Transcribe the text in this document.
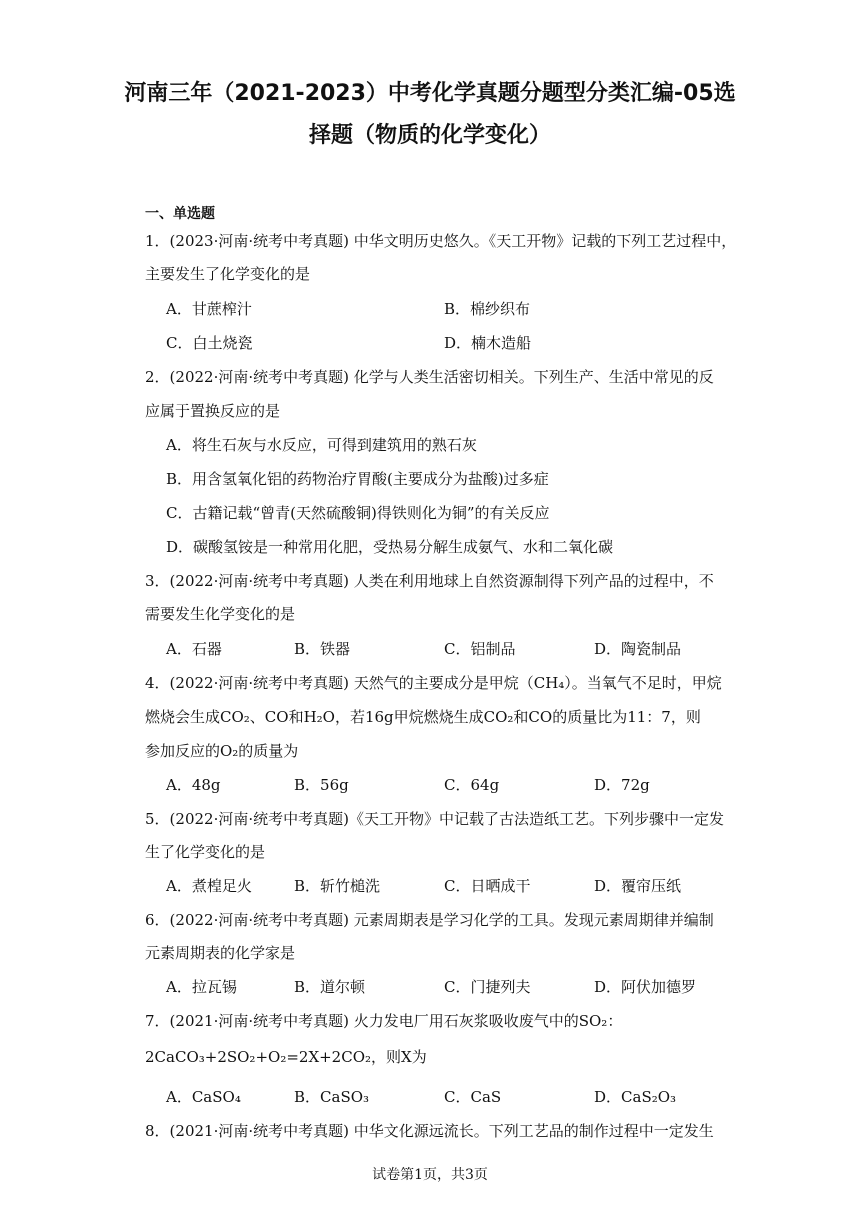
河南三年（2021-2023）中考化学真题分题型分类汇编-05选
择题（物质的化学变化）
一、单选题
1．(2023·河南·统考中考真题) 中华文明历史悠久。《天工开物》记载的下列工艺过程中，
主要发生了化学变化的是
A．甘蔗榨汁	B．棉纱织布
C．白土烧瓷	D．楠木造船
2．(2022·河南·统考中考真题) 化学与人类生活密切相关。下列生产、生活中常见的反
应属于置换反应的是
A．将生石灰与水反应，可得到建筑用的熟石灰
B．用含氢氧化铝的药物治疗胃酸(主要成分为盐酸)过多症
C．古籍记载“曾青(天然硫酸铜)得铁则化为铜”的有关反应
D．碳酸氢铵是一种常用化肥，受热易分解生成氨气、水和二氧化碳
3．(2022·河南·统考中考真题) 人类在利用地球上自然资源制得下列产品的过程中，不
需要发生化学变化的是
A．石器	B．铁器	C．铝制品	D．陶瓷制品
4．(2022·河南·统考中考真题) 天然气的主要成分是甲烷（CH₄）。当氧气不足时，甲烷
燃烧会生成CO₂、CO和H₂O，若16g甲烷燃烧生成CO₂和CO的质量比为11：7，则
参加反应的O₂的质量为
A．48g	B．56g	C．64g	D．72g
5．(2022·河南·统考中考真题)《天工开物》中记载了古法造纸工艺。下列步骤中一定发
生了化学变化的是
A．煮楻足火	B．斩竹槌洗	C．日晒成干	D．覆帘压纸
6．(2022·河南·统考中考真题) 元素周期表是学习化学的工具。发现元素周期律并编制
元素周期表的化学家是
A．拉瓦锡	B．道尔顿	C．门捷列夫	D．阿伏加德罗
7．(2021·河南·统考中考真题) 火力发电厂用石灰浆吸收废气中的SO₂：
2CaCO₃+2SO₂+O₂=2X+2CO₂，则X为
A．CaSO₄	B．CaSO₃	C．CaS	D．CaS₂O₃
8．(2021·河南·统考中考真题) 中华文化源远流长。下列工艺品的制作过程中一定发生
试卷第1页，共3页
